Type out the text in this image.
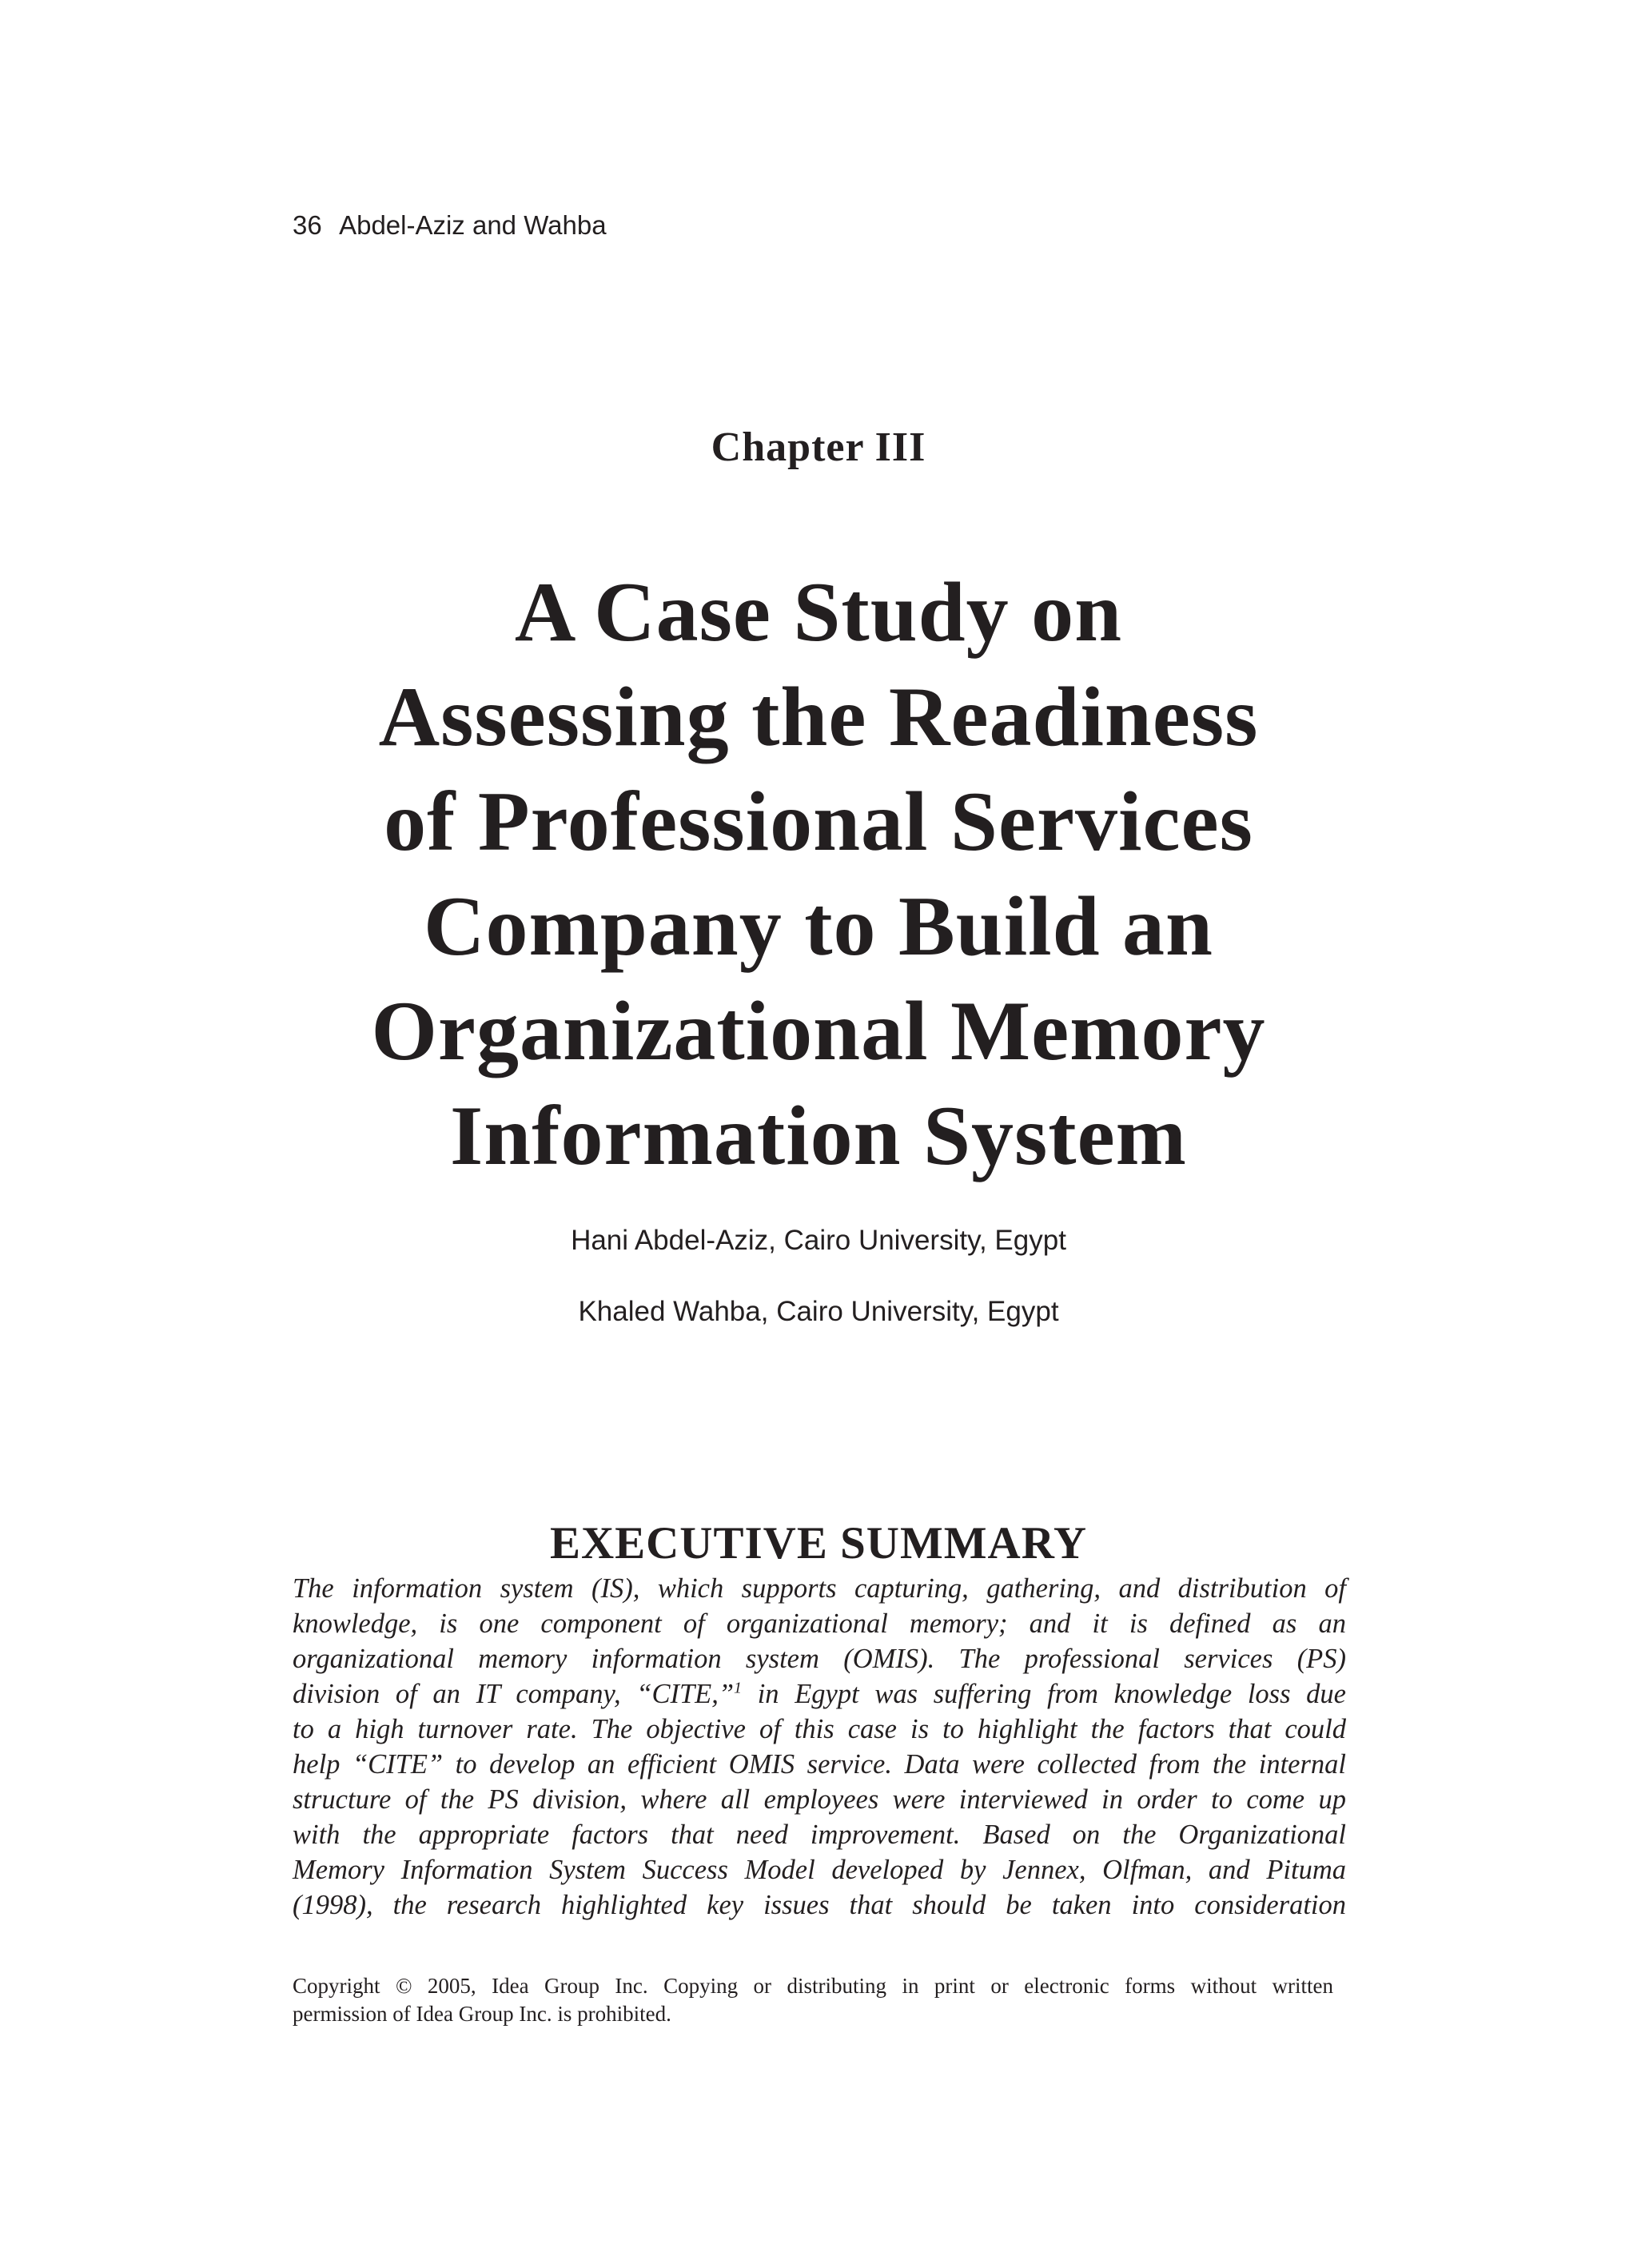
36 Abdel-Aziz and Wahba
Chapter III
A Case Study on
Assessing the Readiness
of Professional Services
Company to Build an
Organizational Memory
Information System
Hani Abdel-Aziz, Cairo University, Egypt
Khaled Wahba, Cairo University, Egypt
EXECUTIVE SUMMARY
The information system (IS), which supports capturing, gathering, and distribution of
knowledge, is one component of organizational memory; and it is defined as an
organizational memory information system (OMIS). The professional services (PS)
division of an IT company, “CITE,”$^1$ in Egypt was suffering from knowledge loss due
to a high turnover rate. The objective of this case is to highlight the factors that could
help “CITE” to develop an efficient OMIS service. Data were collected from the internal
structure of the PS division, where all employees were interviewed in order to come up
with the appropriate factors that need improvement. Based on the Organizational
Memory Information System Success Model developed by Jennex, Olfman, and Pituma
(1998), the research highlighted key issues that should be taken into consideration
Copyright © 2005, Idea Group Inc. Copying or distributing in print or electronic forms without written
permission of Idea Group Inc. is prohibited.
